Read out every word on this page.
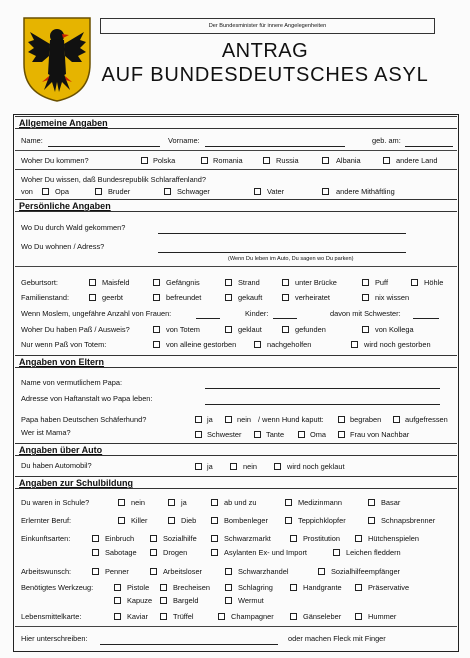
Der Bundesminister für innere Angelegenheiten
ANTRAG
AUF BUNDESDEUTSCHES ASYL
Allgemeine Angaben
Name:	Vorname:	geb. am:
Woher Du kommen?	Polska	Romania	Russia	Albania	andere Land
Woher Du wissen, daß Bundesrepublik Schlaraffenland?
von	Opa	Bruder	Schwager	Vater	andere Mithäftling
Persönliche Angaben
Wo Du durch Wald gekommen?
Wo Du wohnen / Adress?
(Wenn Du leben im Auto, Du sagen wo Du parken)
Geburtsort:	Maisfeld	Gefängnis	Strand	unter Brücke	Puff	Höhle
Familienstand:	geerbt	befreundet	gekauft	verheiratet	nix wissen
Wenn Moslem, ungefähre Anzahl von Frauen:	Kinder:	davon mit Schwester:
Woher Du haben Paß / Ausweis?	von Totem	geklaut	gefunden	von Kollega
Nur wenn Paß von Totem:	von alleine gestorben	nachgeholfen	wird noch gestorben
Angaben von Eltern
Name von vermutlichem Papa:
Adresse von Haftanstalt wo Papa leben:
Papa haben Deutschen Schäferhund?	ja	nein / wenn Hund kaputt:	begraben	aufgefressen
Wer ist Mama?	Schwester	Tante	Oma	Frau von Nachbar
Angaben über Auto
Du haben Automobil?	ja	nein	wird noch geklaut
Angaben zur Schulbildung
Du waren in Schule?	nein	ja	ab und zu	Medizinmann	Basar
Erlernter Beruf:	Killer	Dieb	Bombenleger	Teppichklopfer	Schnapsbrenner
Einkunftsarten:	Einbruch	Sozialhilfe	Schwarzmarkt	Prostitution	Hütchenspielen
Sabotage	Drogen	Asylanten Ex- und Import	Leichen fleddern
Arbeitswunsch:	Penner	Arbeitsloser	Schwarzhandel	Sozialhilfeempfänger
Benötigtes Werkzeug:	Pistole	Brecheisen	Schlagring	Handgrante	Präservative
Kapuze	Bargeld	Wermut
Lebensmittelkarte:	Kaviar	Trüffel	Champagner	Gänseleber	Hummer
Hier unterschreiben:	oder machen Fleck mit Finger
